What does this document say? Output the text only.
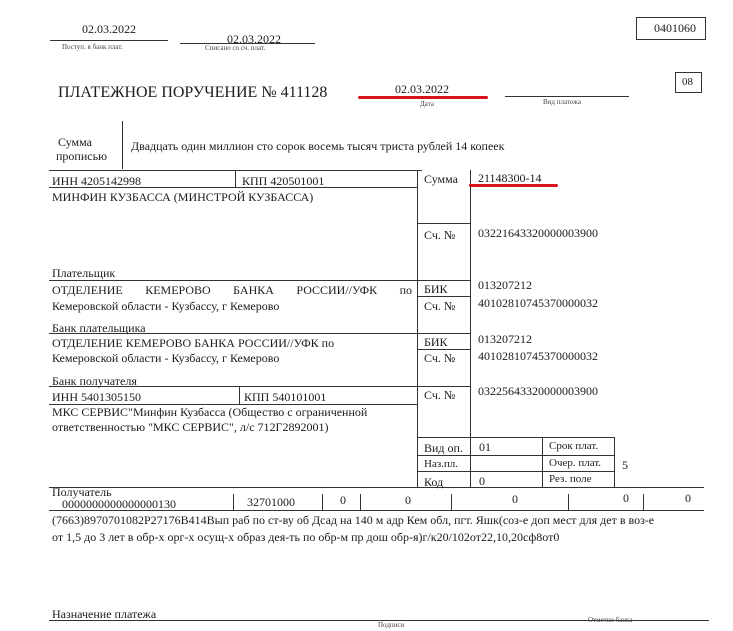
02.03.2022
Поступ. в банк плат.
02.03.2022
Списано со сч. плат.
0401060
ПЛАТЕЖНОЕ ПОРУЧЕНИЕ № 411128	02.03.2022
Дата	Вид платежа
08
Сумма
прописью
Двадцать один миллион сто сорок восемь тысяч триста рублей 14 копеек
ИНН 4205142998	КПП 420501001
МИНФИН КУЗБАССА (МИНСТРОЙ КУЗБАССА)
Плательщик
Сумма 21148300-14
Сч. № 03221643320000003900
ОТДЕЛЕНИЕ КЕМЕРОВО БАНКА РОССИИ//УФК по
Кемеровской области - Кузбассу, г Кемерово
Банк плательщика
БИК	013207212
Сч. № 40102810745370000032
ОТДЕЛЕНИЕ КЕМЕРОВО БАНКА РОССИИ//УФК по
Кемеровской области - Кузбассу, г Кемерово
Банк получателя
БИК	013207212
Сч. № 40102810745370000032
ИНН 5401305150	КПП 540101001
МКС СЕРВИС"Минфин Кузбасса (Общество с ограниченной
ответственностью "МКС СЕРВИС", л/с 712Г2892001)
Получатель
Сч. № 03225643320000003900
Вид оп. 01
Наз.пл.
Код	0
Срок плат.
Очер. плат. 5
Рез. поле
0000000000000000130	32701000	0	0	0	0	0
(7663)8970701082Р27176В414Вып раб по ст-ву об Дсад на 140 м адр Кем обл, пгт. Яшк(соз-е доп мест для дет в воз-е
от 1,5 до 3 лет в обр-х орг-х осущ-х образ дея-ть по обр-м пр дош обр-я)г/к20/102от22,10,20сф8от0
Назначение платежа
Подписи
Отметки банка
